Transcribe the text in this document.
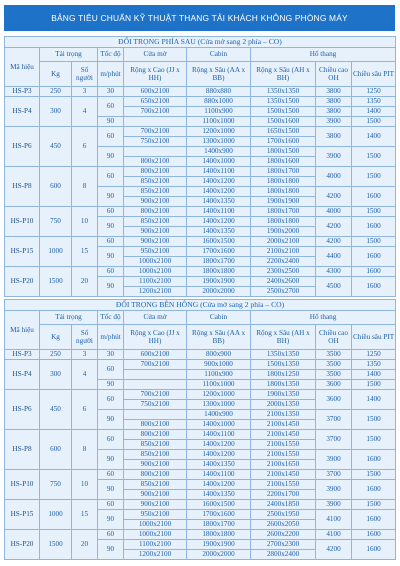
BẢNG TIÊU CHUẨN KỸ THUẬT THANG TẢI KHÁCH KHÔNG PHÒNG MÁY
ĐỐI TRỌNG PHÍA SAU (Cửa mở sang 2 phía – CO)								
Mã hiệu	Tải trọng		Tốc độ	Cửa mở	Cabin	Hố thang		
	Kg	Số người	m/phút	Rộng x Cao (JJ x HH)	Rộng x Sâu (AA x BB)	Rộng x Sâu (AH x BH)	Chiều cao OH	Chiều sâu PIT
HS-P3	250	3	30	600x2100	880x880	1350x1350	3800	1250
HS-P4	300	4	60	650x2100	880x1000	1350x1500	3800	1350
				700x2100	1100x900	1500x1500	3800	1400
			90		1100x1000	1500x1600	3900	1500
HS-P6	450	6	60	700x2100	1200x1000	1650x1500	3800	1400
				750x2100	1300x1000	1700x1600		
			90		1400x900	1800x1500	3900	1500
				800x2100	1400x1000	1800x1600		
HS-P8	600	8	60	800x2100	1400x1100	1800x1700	4000	1500
				850x2100	1400x1200	1800x1800		
			90	850x2100	1400x1200	1800x1800	4200	1600
				900x2100	1400x1350	1900x1900		
HS-P10	750	10	60	800x2100	1400x1100	1800x1700	4000	1500
			90	850x2100	1400x1200	1800x1800	4200	1600
				900x2100	1400x1350	1900x2000		
HS-P15	1000	15	60	900x2100	1600x1500	2000x2100	4200	1500
			90	950x2100	1700x1600	2100x2100	4400	1600
				1000x2100	1800x1700	2200x2400		
HS-P20	1500	20	60	1000x2100	1800x1800	2300x2500	4300	1600
			90	1100x2100	1900x1900	2400x2600	4500	1600
				1200x2100	2000x2000	2500x2700		
ĐỐI TRỌNG BÊN HÔNG (Cửa mở sang 2 phía – CO)								
Mã hiệu	Tải trọng		Tốc độ	Cửa mở	Cabin	Hố thang		
	Kg	Số người	m/phút	Rộng x Cao (JJ x HH)	Rộng x Sâu (AA x BB)	Rộng x Sâu (AH x BH)	Chiều cao OH	Chiều sâu PIT
HS-P3	250	3	30	600x2100	800x900	1350x1350	3500	1250
HS-P4	300	4	60	700x2100	900x1000	1500x1350	3500	1350
					1100x900	1800x1250	3500	1400
			90		1100x1000	1800x1350	3600	1500
HS-P6	450	6	60	700x2100	1200x1000	1900x1350	3600	1400
				750x2100	1300x1000	2000x1350		
			90		1400x900	2100x1350	3700	1500
				800x2100	1400x1000	2100x1450		
HS-P8	600	8	60	800x2100	1400x1100	2100x1450	3700	1500
				850x2100	1400x1200	2100x1550		
			90	850x2100	1400x1200	2100x1550	3900	1600
				900x2100	1400x1350	2100x1650		
HS-P10	750	10	60	800x2100	1400x1100	2100x1450	3700	1500
			90	850x2100	1400x1200	2100x1550	3900	1600
				900x2100	1400x1350	2200x1700		
HS-P15	1000	15	60	900x2100	1600x1500	2400x1850	3900	1500
			90	950x2100	1700x1600	2500x1950	4100	1600
				1000x2100	1800x1700	2600x2050		
HS-P20	1500	20	60	1000x2100	1800x1800	2600x2200	4100	1600
			90	1100x2100	1900x1900	2700x2300	4200	1600
				1200x2100	2000x2000	2800x2400		
